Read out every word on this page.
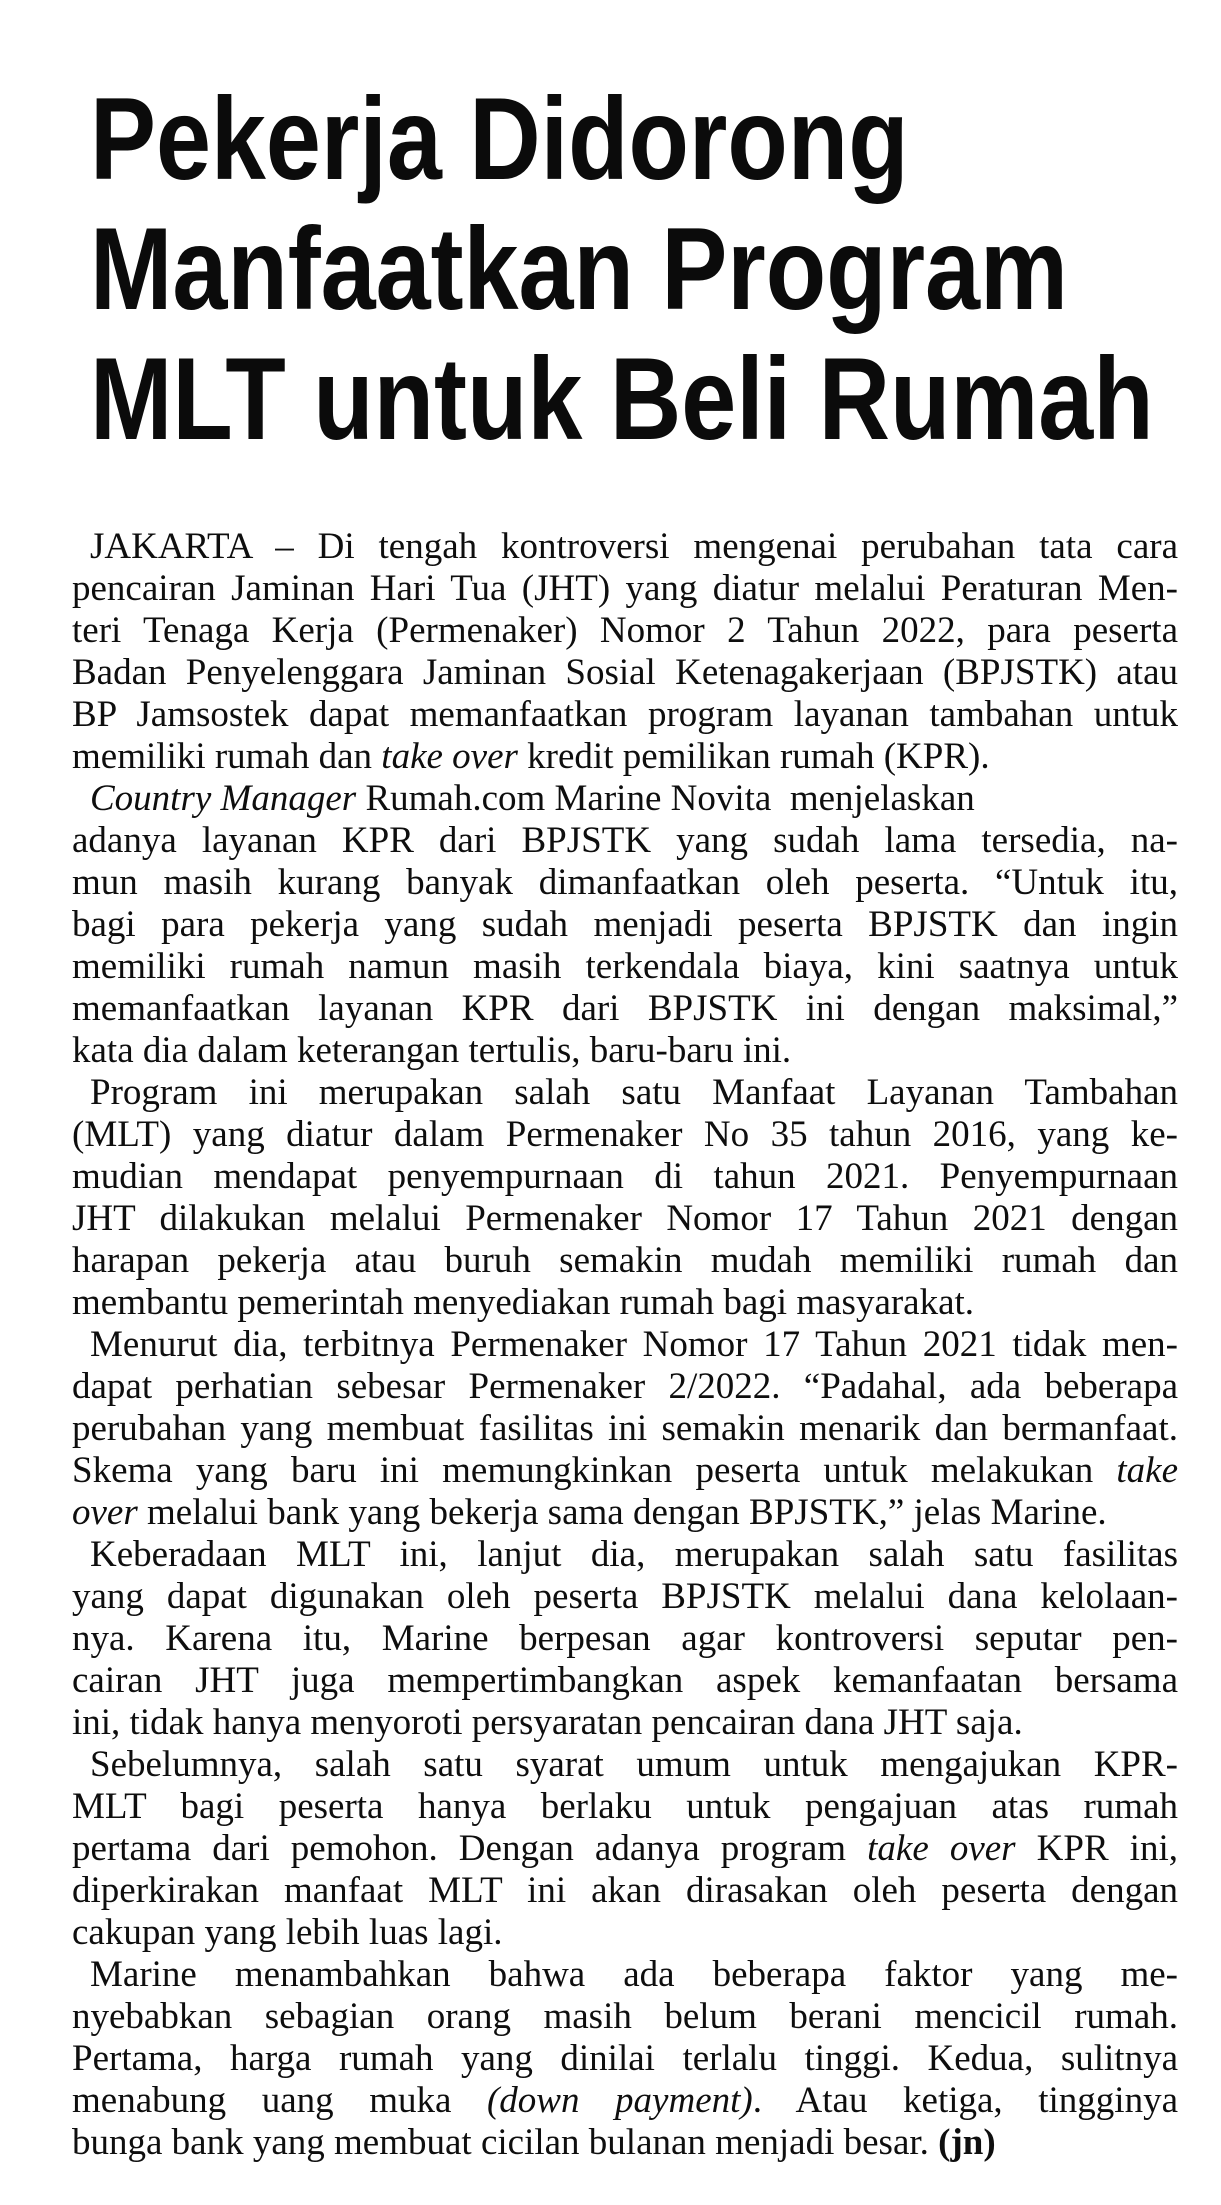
Pekerja Didorong
Manfaatkan Program
MLT untuk Beli Rumah

JAKARTA – Di tengah kontroversi mengenai perubahan tata cara
pencairan Jaminan Hari Tua (JHT) yang diatur melalui Peraturan Men-
teri Tenaga Kerja (Permenaker) Nomor 2 Tahun 2022, para peserta
Badan Penyelenggara Jaminan Sosial Ketenagakerjaan (BPJSTK) atau
BP Jamsostek dapat memanfaatkan program layanan tambahan untuk
memiliki rumah dan take over kredit pemilikan rumah (KPR).

Country Manager Rumah.com Marine Novita  menjelaskan
adanya layanan KPR dari BPJSTK yang sudah lama tersedia, na-
mun masih kurang banyak dimanfaatkan oleh peserta. “Untuk itu,
bagi para pekerja yang sudah menjadi peserta BPJSTK dan ingin
memiliki rumah namun masih terkendala biaya, kini saatnya untuk
memanfaatkan layanan KPR dari BPJSTK ini dengan maksimal,”
kata dia dalam keterangan tertulis, baru-baru ini.

Program ini merupakan salah satu Manfaat Layanan Tambahan
(MLT) yang diatur dalam Permenaker No 35 tahun 2016, yang ke-
mudian mendapat penyempurnaan di tahun 2021. Penyempurnaan
JHT dilakukan melalui Permenaker Nomor 17 Tahun 2021 dengan
harapan pekerja atau buruh semakin mudah memiliki rumah dan
membantu pemerintah menyediakan rumah bagi masyarakat.

Menurut dia, terbitnya Permenaker Nomor 17 Tahun 2021 tidak men-
dapat perhatian sebesar Permenaker 2/2022. “Padahal, ada beberapa
perubahan yang membuat fasilitas ini semakin menarik dan bermanfaat.
Skema yang baru ini memungkinkan peserta untuk melakukan take
over melalui bank yang bekerja sama dengan BPJSTK,” jelas Marine.

Keberadaan MLT ini, lanjut dia, merupakan salah satu fasilitas
yang dapat digunakan oleh peserta BPJSTK melalui dana kelolaan-
nya. Karena itu, Marine berpesan agar kontroversi seputar pen-
cairan JHT juga mempertimbangkan aspek kemanfaatan bersama
ini, tidak hanya menyoroti persyaratan pencairan dana JHT saja.

Sebelumnya, salah satu syarat umum untuk mengajukan KPR-
MLT bagi peserta hanya berlaku untuk pengajuan atas rumah
pertama dari pemohon. Dengan adanya program take over KPR ini,
diperkirakan manfaat MLT ini akan dirasakan oleh peserta dengan
cakupan yang lebih luas lagi.

Marine menambahkan bahwa ada beberapa faktor yang me-
nyebabkan sebagian orang masih belum berani mencicil rumah.
Pertama, harga rumah yang dinilai terlalu tinggi. Kedua, sulitnya
menabung uang muka (down payment). Atau ketiga, tingginya
bunga bank yang membuat cicilan bulanan menjadi besar. (jn)
